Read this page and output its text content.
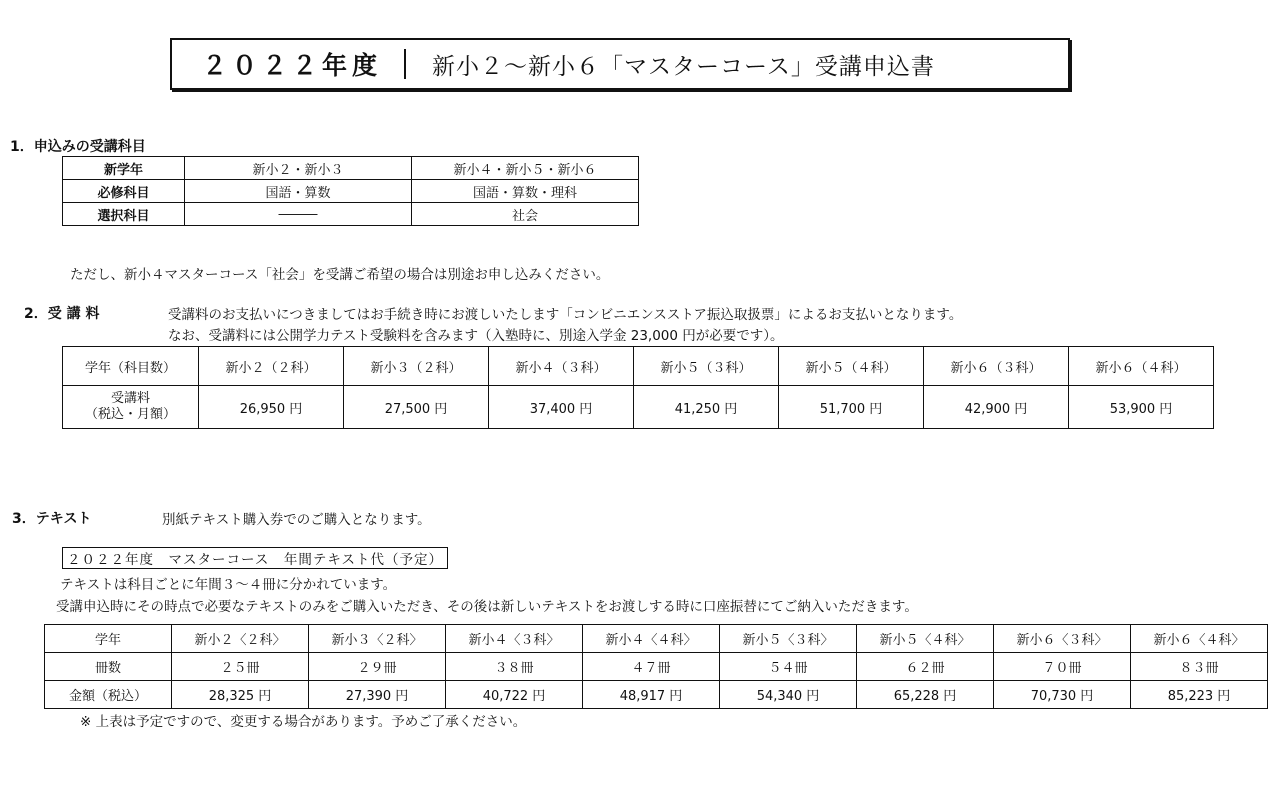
２０２２年度	新小２～新小６「マスターコース」受講申込書
1．申込みの受講科目
新学年	新小２・新小３	新小４・新小５・新小６
必修科目	国語・算数	国語・算数・理科
選択科目	―――	社会
ただし、新小４マスターコース「社会」を受講ご希望の場合は別途お申し込みください。
2．受 講 料	受講料のお支払いにつきましてはお手続き時にお渡しいたします「コンビニエンスストア振込取扱票」によるお支払いとなります。
なお、受講料には公開学力テスト受験料を含みます（入塾時に、別途入学金 23,000 円が必要です）。
学年（科目数）	新小２（２科）	新小３（２科）	新小４（３科）	新小５（３科）	新小５（４科）	新小６（３科）	新小６（４科）

受講料
（税込・月額）	26,950 円	27,500 円	37,400 円	41,250 円	51,700 円	42,900 円	53,900 円
3．テキスト	別紙テキスト購入券でのご購入となります。
２０２２年度　マスターコース　年間テキスト代（予定）
テキストは科目ごとに年間３～４冊に分かれています。
受講申込時にその時点で必要なテキストのみをご購入いただき、その後は新しいテキストをお渡しする時に口座振替にてご納入いただきます。
学年	新小２〈２科〉	新小３〈２科〉	新小４〈３科〉	新小４〈４科〉	新小５〈３科〉	新小５〈４科〉	新小６〈３科〉	新小６〈４科〉
冊数	２５冊	２９冊	３８冊	４７冊	５４冊	６２冊	７０冊	８３冊
金額（税込）	28,325 円	27,390 円	40,722 円	48,917 円	54,340 円	65,228 円	70,730 円	85,223 円
※ 上表は予定ですので、変更する場合があります。予めご了承ください。
